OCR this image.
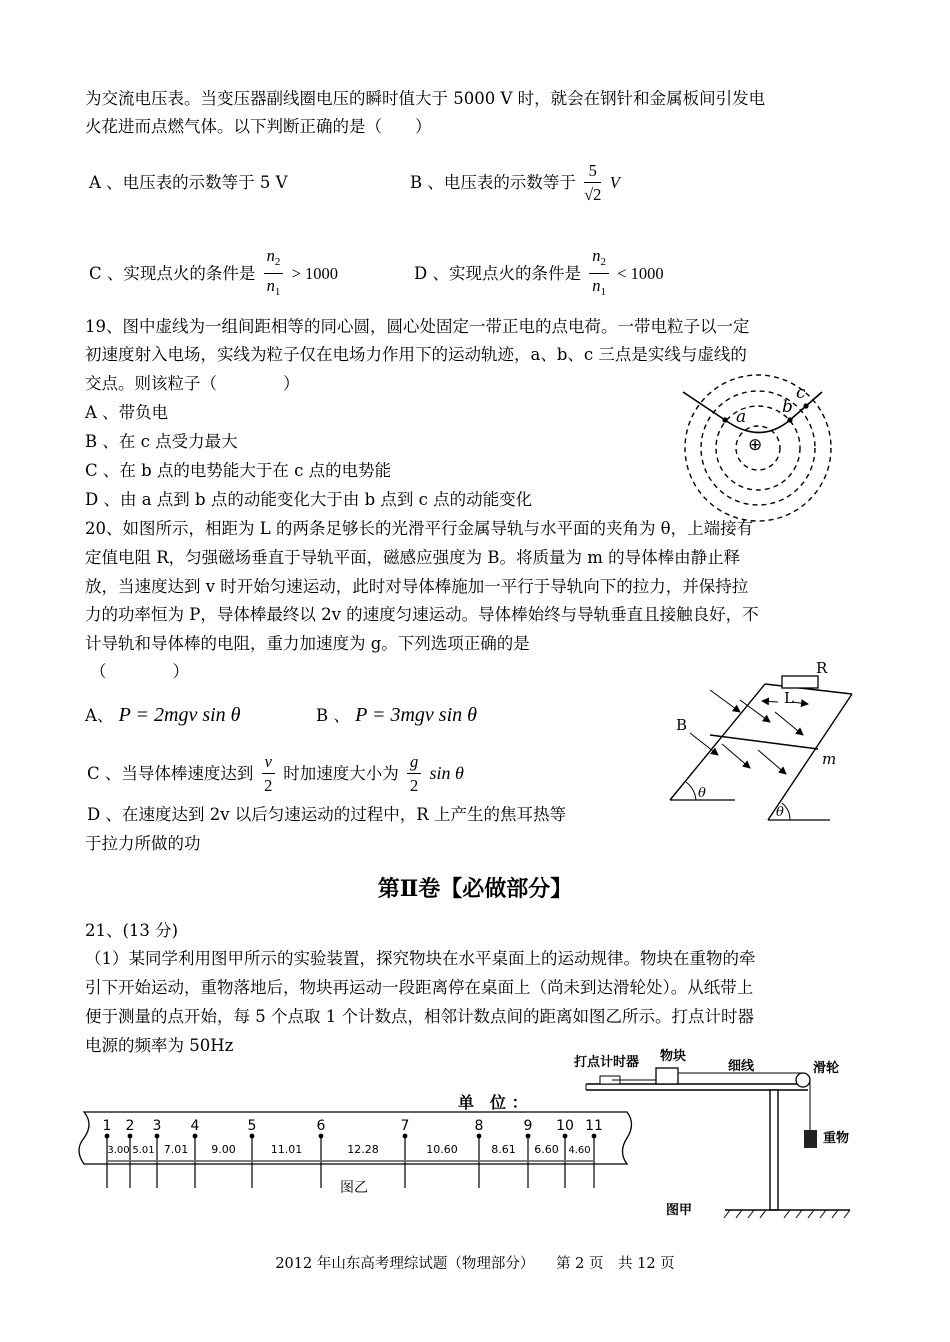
为交流电压表。当变压器副线圈电压的瞬时值大于 5000 V 时，就会在钢针和金属板间引发电
火花进而点燃气体。以下判断正确的是（　　）
A 、电压表的示数等于 5 V	B 、电压表的示数等于 $\frac{5}{√2}$ V
C 、实现点火的条件是 $\frac{n_2}{n_1} > 1000$	D 、实现点火的条件是 $\frac{n_2}{n_1} < 1000$
19、图中虚线为一组间距相等的同心圆，圆心处固定一带正电的点电荷。一带电粒子以一定
初速度射入电场，实线为粒子仅在电场力作用下的运动轨迹，a、b、c 三点是实线与虚线的
交点。则该粒子（　　　　）
A 、带负电
B 、在 c 点受力最大
C 、在 b 点的电势能大于在 c 点的电势能
D 、由 a 点到 b 点的动能变化大于由 b 点到 c 点的动能变化
20、如图所示，相距为 L 的两条足够长的光滑平行金属导轨与水平面的夹角为 θ，上端接有
定值电阻 R，匀强磁场垂直于导轨平面，磁感应强度为 B。将质量为 m 的导体棒由静止释
放，当速度达到 v 时开始匀速运动，此时对导体棒施加一平行于导轨向下的拉力，并保持拉
力的功率恒为 P，导体棒最终以 2v 的速度匀速运动。导体棒始终与导轨垂直且接触良好，不
计导轨和导体棒的电阻，重力加速度为 g。下列选项正确的是
（　　　　）
A、 P = 2mgv sin θ	B 、 P = 3mgv sin θ
C 、当导体棒速度达到 $\frac{v}{2}$ 时加速度大小为 $\frac{g}{2}$ sin θ
D 、在速度达到 2v 以后匀速运动的过程中，R 上产生的焦耳热等
于拉力所做的功
第Ⅱ卷【必做部分】
21、(13 分)
（1）某同学利用图甲所示的实验装置，探究物块在水平桌面上的运动规律。物块在重物的牵
引下开始运动，重物落地后，物块再运动一段距离停在桌面上（尚未到达滑轮处）。从纸带上
便于测量的点开始，每 5 个点取 1 个计数点，相邻计数点间的距离如图乙所示。打点计时器
电源的频率为 50Hz
⊕
a b
c
R
L
B
m
θ
θ
单　位 ：
1
3.00
2
5.01
3
7.01
4
9.00
5
11.01
6
12.28
7
10.60
8
8.61
9
6.60
10
4.60
11
图乙
打点计时器 物块
细线	滑轮
重物
图甲
2012 年山东高考理综试题（物理部分）　　第 2 页　共 12 页
